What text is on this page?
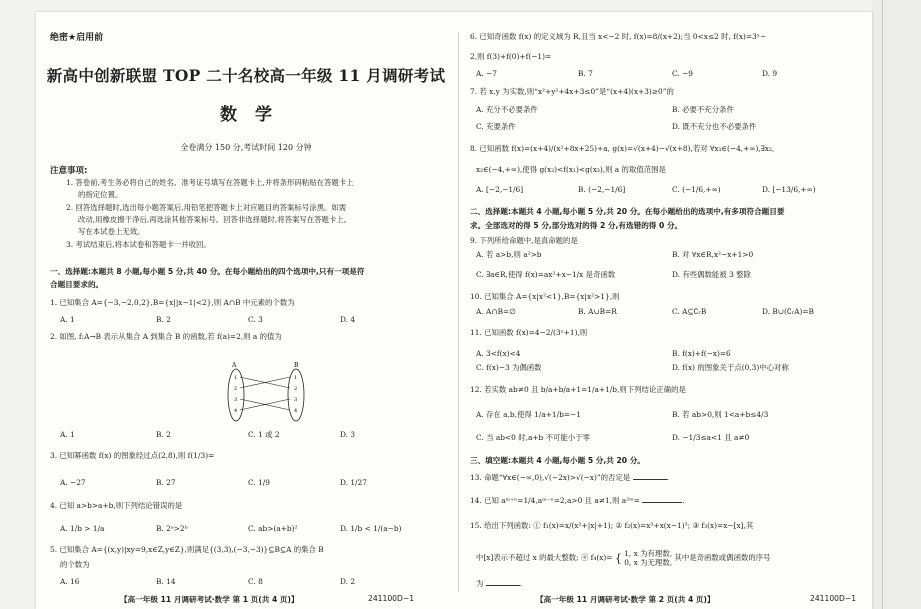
绝密★启用前
新高中创新联盟 TOP 二十名校高一年级 11 月调研考试
数学
全卷满分 150 分,考试时间 120 分钟
注意事项:
1. 答卷前,考生务必将自己的姓名、准考证号填写在答题卡上,并将条形码粘贴在答题卡上
的指定位置。
2. 回答选择题时,选出每小题答案后,用铅笔把答题卡上对应题目的答案标号涂黑。如需
改动,用橡皮擦干净后,再选涂其他答案标号。回答非选择题时,将答案写在答题卡上。
写在本试卷上无效。
3. 考试结束后,将本试卷和答题卡一并收回。
一、选择题:本题共 8 小题,每小题 5 分,共 40 分。在每小题给出的四个选项中,只有一项是符
合题目要求的。
1. 已知集合 A={−3,−2,0,2},B={x||x−1|<2},则 A∩B 中元素的个数为
A. 1	B. 2	C. 3	D. 4
2. 如图, f:A→B 表示从集合 A 到集合 B 的函数,若 f(a)=2,则 a 的值为
A	B
1
2
3
4
1
2
3
4
A. 1	B. 2	C. 1 或 2	D. 3
3. 已知幂函数 f(x) 的图象经过点(2,8),则 f(1/3)=
A. −27	B. 27	C. 1/9	D. 1/27
4. 已知 a>b>a+b,则下列结论错误的是
A. 1/b > 1/a	B. 2ᵃ>2ᵇ	C. ab>(a+b)²	D. 1/b < 1/(a−b)
5. 已知集合 A={(x,y)|xy=9,x∈Z,y∈Z},则满足{(3,3),(−3,−3)}⊆B⊆A 的集合 B
的个数为
A. 16	B. 14	C. 8	D. 2
【高一年级 11 月调研考试·数学 第 1 页(共 4 页)】	241100D−1
6. 已知奇函数 f(x) 的定义域为 R,且当 x<−2 时, f(x)=8/(x+2);当 0<x≤2 时, f(x)=3ˣ−
2,则 f(3)+f(0)+f(−1)=
A. −7	B. 7	C. −9	D. 9
7. 若 x,y 为实数,则“x²+y²+4x+3≤0”是“(x+4)(x+3)≥0”的
A. 充分不必要条件	B. 必要不充分条件
C. 充要条件	D. 既不充分也不必要条件
8. 已知函数 f(x)=(x+4)/(x²+8x+25)+a, g(x)=√(x+4)−√(x+8),若对 ∀x₁∈(−4,+∞),∃x₂,
x₂∈(−4,+∞),使得 g(x₂)<f(x₁)<g(x₃),则 a 的取值范围是
A. [−2,−1/6]	B. (−2,−1/6]	C. (−1/6,+∞)	D. [−13/6,+∞)
二、选择题:本题共 4 小题,每小题 5 分,共 20 分。在每小题给出的选项中,有多项符合题目要
求。全部选对的得 5 分,部分选对的得 2 分,有选错的得 0 分。
9. 下列所给命题中,是真命题的是
A. 若 a>b,则 a²>b	B. 对 ∀x∈R,x²−x+1>0
C. ∃a∈R,使得 f(x)=ax²+x−1/x 是奇函数	D. 有些偶数能被 3 整除
10. 已知集合 A={x|x²<1},B={x|x²>1},则
A. A∩B=∅	B. A∪B=R	C. A⊆∁ᵣB	D. B∪(∁ᵣA)=B
11. 已知函数 f(x)=4−2/(3ˣ+1),则
A. 3<f(x)<4	B. f(x)+f(−x)=6
C. f(x)−3 为偶函数	D. f(x) 的图象关于点(0,3)中心对称
12. 若实数 ab≠0 且 b/a+b/a+1=1/a+1/b,则下列结论正确的是
A. 存在 a,b,使得 1/a+1/b=−1	B. 若 ab>0,则 1<a+b≤4/3
C. 当 ab<0 时,a+b 不可能小于零	D. −1/3≤a<1 且 a≠0
三、填空题:本题共 4 小题,每小题 5 分,共 20 分。
13. 命题“∀x∈(−∞,0),√(−2x)>√(−x)”的否定是	.
14. 已知 aᵐ⁺ⁿ=1/4,aᵐ⁻ⁿ=2,a>0 且 a≠1,则 a²ᵐ=	.
15. 给出下列函数: ① f₁(x)=x/(x²+|x|+1); ② f₂(x)=x³+x(x−1)³; ③ f₃(x)=x−[x],其
中[x]表示不超过 x 的最大整数; ④ f₄(x)= { 1, x 为有理数,
0, x 为无理数,
其中是奇函数或偶函数的序号
为	.
【高一年级 11 月调研考试·数学 第 2 页(共 4 页)】	241100D−1
